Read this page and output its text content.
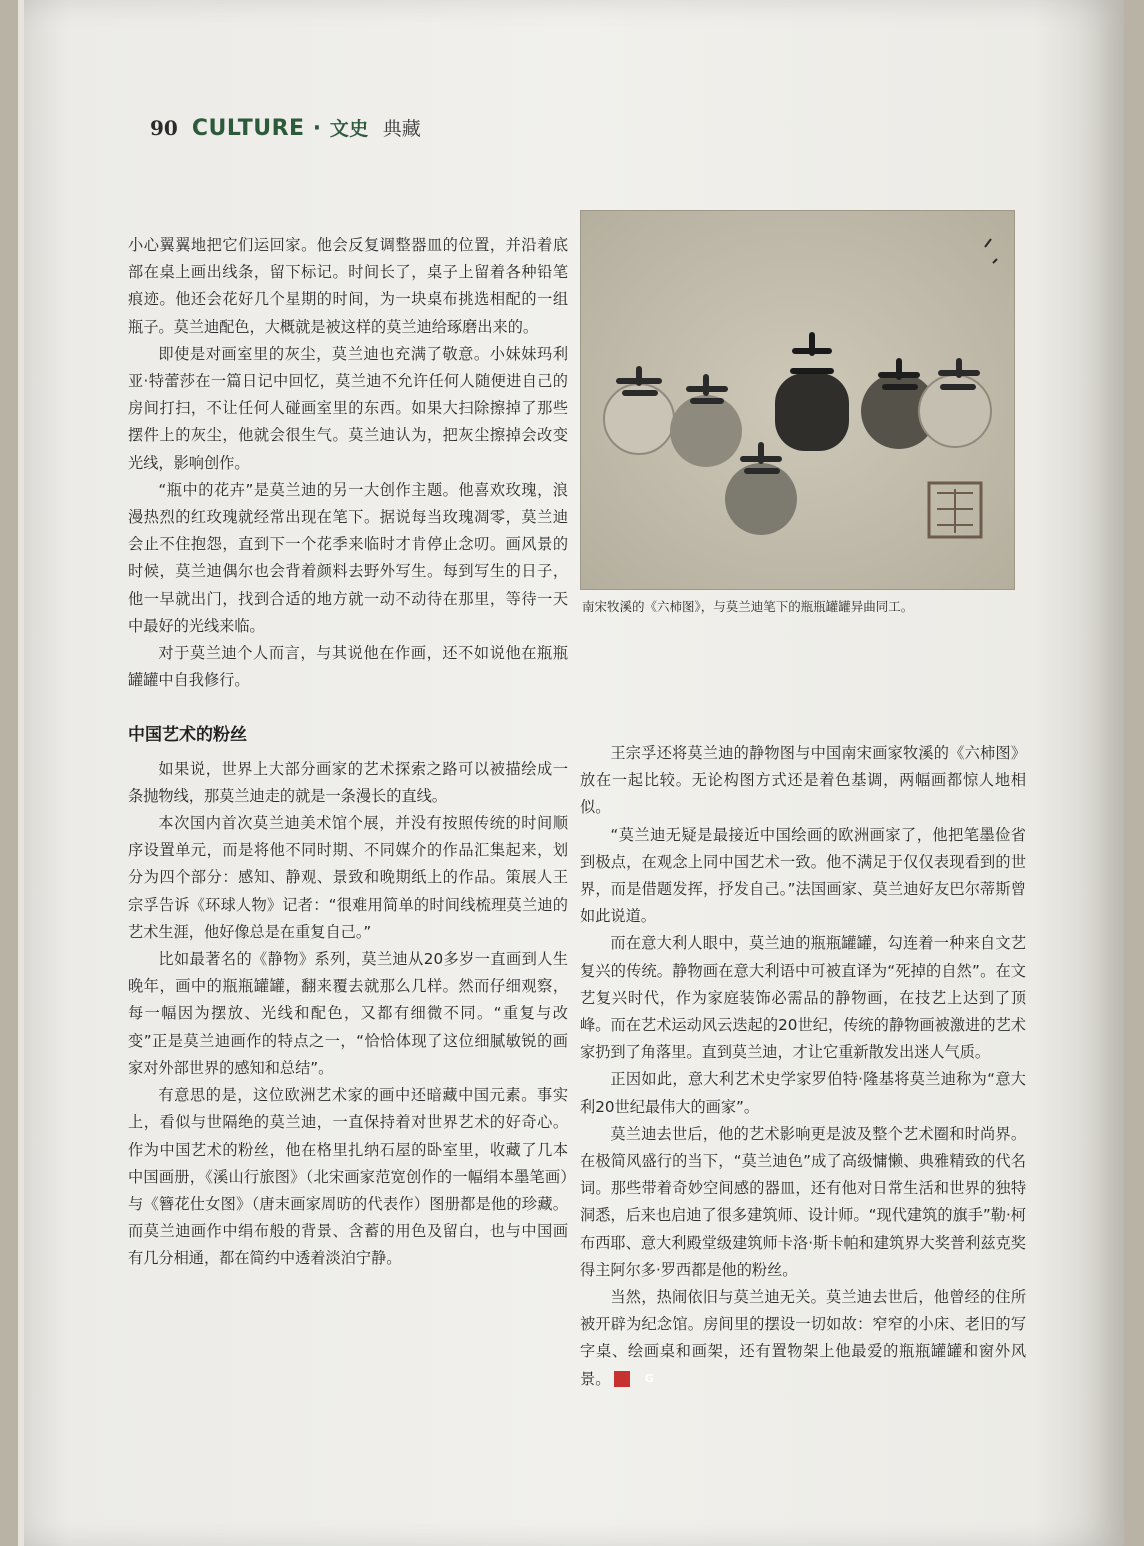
90 CULTURE · 文史 典藏

小心翼翼地把它们运回家。他会反复调整器皿的位置，并沿着底部在桌上画出线条，留下标记。时间长了，桌子上留着各种铅笔痕迹。他还会花好几个星期的时间，为一块桌布挑选相配的一组瓶子。莫兰迪配色，大概就是被这样的莫兰迪给琢磨出来的。

即使是对画室里的灰尘，莫兰迪也充满了敬意。小妹妹玛利亚·特蕾莎在一篇日记中回忆，莫兰迪不允许任何人随便进自己的房间打扫，不让任何人碰画室里的东西。如果大扫除擦掉了那些摆件上的灰尘，他就会很生气。莫兰迪认为，把灰尘擦掉会改变光线，影响创作。

“瓶中的花卉”是莫兰迪的另一大创作主题。他喜欢玫瑰，浪漫热烈的红玫瑰就经常出现在笔下。据说每当玫瑰凋零，莫兰迪会止不住抱怨，直到下一个花季来临时才肯停止念叨。画风景的时候，莫兰迪偶尔也会背着颜料去野外写生。每到写生的日子，他一早就出门，找到合适的地方就一动不动待在那里，等待一天中最好的光线来临。

对于莫兰迪个人而言，与其说他在作画，还不如说他在瓶瓶罐罐中自我修行。

中国艺术的粉丝

如果说，世界上大部分画家的艺术探索之路可以被描绘成一条抛物线，那莫兰迪走的就是一条漫长的直线。

本次国内首次莫兰迪美术馆个展，并没有按照传统的时间顺序设置单元，而是将他不同时期、不同媒介的作品汇集起来，划分为四个部分：感知、静观、景致和晚期纸上的作品。策展人王宗孚告诉《环球人物》记者：“很难用简单的时间线梳理莫兰迪的艺术生涯，他好像总是在重复自己。”

比如最著名的《静物》系列，莫兰迪从20多岁一直画到人生晚年，画中的瓶瓶罐罐，翻来覆去就那么几样。然而仔细观察，每一幅因为摆放、光线和配色，又都有细微不同。“重复与改变”正是莫兰迪画作的特点之一，“恰恰体现了这位细腻敏锐的画家对外部世界的感知和总结”。

有意思的是，这位欧洲艺术家的画中还暗藏中国元素。事实上，看似与世隔绝的莫兰迪，一直保持着对世界艺术的好奇心。作为中国艺术的粉丝，他在格里扎纳石屋的卧室里，收藏了几本中国画册，《溪山行旅图》（北宋画家范宽创作的一幅绢本墨笔画）与《簪花仕女图》（唐末画家周昉的代表作）图册都是他的珍藏。而莫兰迪画作中绢布般的背景、含蓄的用色及留白，也与中国画有几分相通，都在简约中透着淡泊宁静。

南宋牧溪的《六柿图》，与莫兰迪笔下的瓶瓶罐罐异曲同工。

王宗孚还将莫兰迪的静物图与中国南宋画家牧溪的《六柿图》放在一起比较。无论构图方式还是着色基调，两幅画都惊人地相似。

“莫兰迪无疑是最接近中国绘画的欧洲画家了，他把笔墨俭省到极点，在观念上同中国艺术一致。他不满足于仅仅表现看到的世界，而是借题发挥，抒发自己。”法国画家、莫兰迪好友巴尔蒂斯曾如此说道。

而在意大利人眼中，莫兰迪的瓶瓶罐罐，勾连着一种来自文艺复兴的传统。静物画在意大利语中可被直译为“死掉的自然”。在文艺复兴时代，作为家庭装饰必需品的静物画，在技艺上达到了顶峰。而在艺术运动风云迭起的20世纪，传统的静物画被激进的艺术家扔到了角落里。直到莫兰迪，才让它重新散发出迷人气质。

正因如此，意大利艺术史学家罗伯特·隆基将莫兰迪称为“意大利20世纪最伟大的画家”。

莫兰迪去世后，他的艺术影响更是波及整个艺术圈和时尚界。在极简风盛行的当下，“莫兰迪色”成了高级慵懒、典雅精致的代名词。那些带着奇妙空间感的器皿，还有他对日常生活和世界的独特洞悉，后来也启迪了很多建筑师、设计师。“现代建筑的旗手”勒·柯布西耶、意大利殿堂级建筑师卡洛·斯卡帕和建筑界大奖普利兹克奖得主阿尔多·罗西都是他的粉丝。

当然，热闹依旧与莫兰迪无关。莫兰迪去世后，他曾经的住所被开辟为纪念馆。房间里的摆设一切如故：窄窄的小床、老旧的写字桌、绘画桌和画架，还有置物架上他最爱的瓶瓶罐罐和窗外风景。	G
